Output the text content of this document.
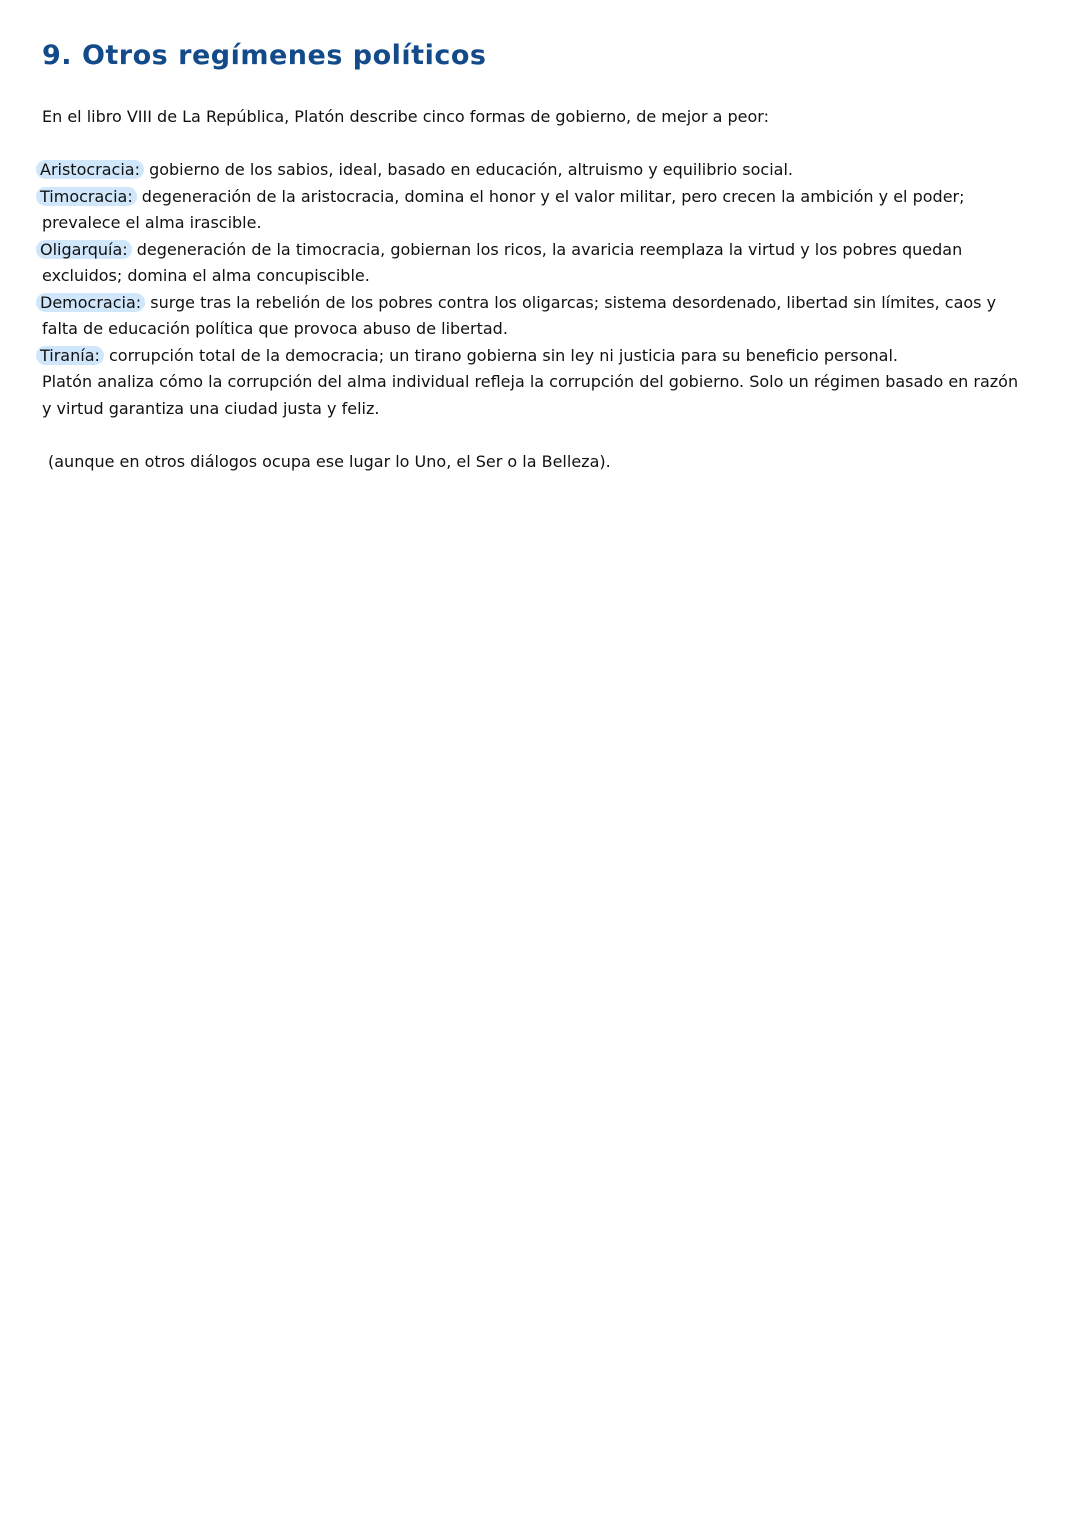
9. Otros regímenes políticos

En el libro VIII de La República, Platón describe cinco formas de gobierno, de mejor a peor:

Aristocracia: gobierno de los sabios, ideal, basado en educación, altruismo y equilibrio social.

Timocracia: degeneración de la aristocracia, domina el honor y el valor militar, pero crecen la ambición y el poder; prevalece el alma irascible.

Oligarquía: degeneración de la timocracia, gobiernan los ricos, la avaricia reemplaza la virtud y los pobres quedan excluidos; domina el alma concupiscible.

Democracia: surge tras la rebelión de los pobres contra los oligarcas; sistema desordenado, libertad sin límites, caos y falta de educación política que provoca abuso de libertad.

Tiranía: corrupción total de la democracia; un tirano gobierna sin ley ni justicia para su beneficio personal.

Platón analiza cómo la corrupción del alma individual refleja la corrupción del gobierno. Solo un régimen basado en razón y virtud garantiza una ciudad justa y feliz.

(aunque en otros diálogos ocupa ese lugar lo Uno, el Ser o la Belleza).
